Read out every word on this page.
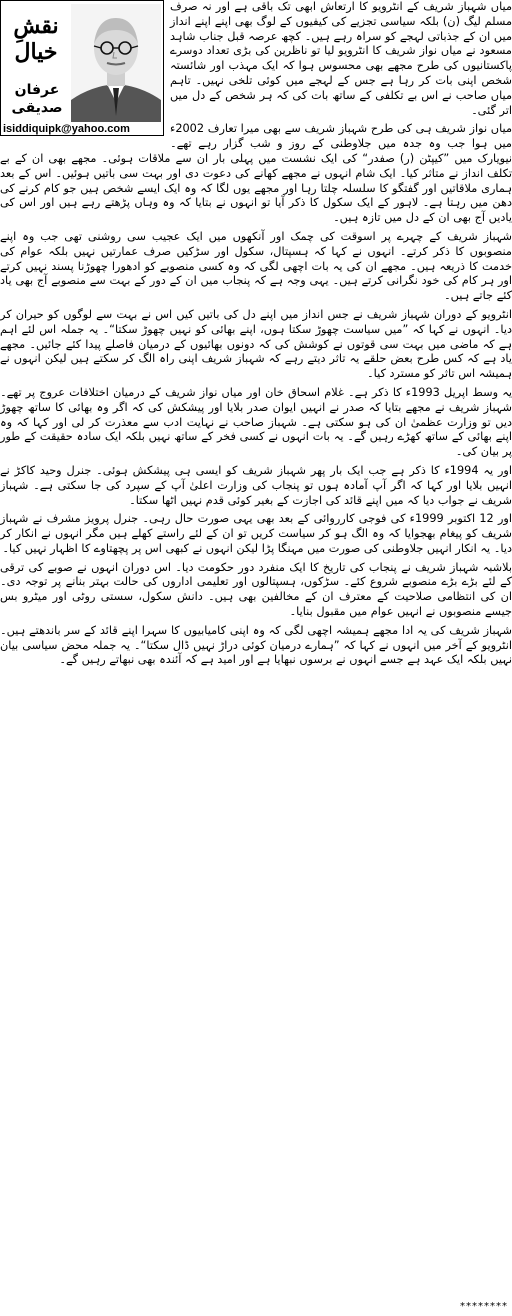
میاں شہباز شریف کے انٹرویو کا ارتعاش ابھی تک باقی ہے اور نہ صرف مسلم لیگ (ن) بلکہ سیاسی تجزیے کی کیفیوں کے لوگ بھی اپنے اپنے انداز میں ان کے جذباتی لہجے کو سراہ رہے ہیں۔ کچھ عرصہ قبل جناب شاہد مسعود نے میاں نواز شریف کا انٹرویو لیا تو ناظرین کی بڑی تعداد دوسرے پاکستانیوں کی طرح مجھے بھی محسوس ہوا کہ ایک مہذب اور شائستہ شخص اپنی بات کر رہا ہے جس کے لہجے میں کوئی تلخی نہیں۔ تاہم میاں صاحب نے اس بے تکلفی کے ساتھ بات کی کہ ہر شخص کے دل میں اتر گئی۔

میاں نواز شریف ہی کی طرح شہباز شریف سے بھی میرا تعارف 2002ء میں ہوا جب وہ جدہ میں جلاوطنی کے روز و شب گزار رہے تھے۔ نیویارک میں ”کیپٹن (ر) صفدر“ کی ایک نشست میں پہلی بار ان سے ملاقات ہوئی۔ مجھے بھی ان کے بے تکلف انداز نے متاثر کیا۔ ایک شام انہوں نے مجھے کھانے کی دعوت دی اور بہت سی باتیں ہوئیں۔ اس کے بعد ہماری ملاقاتیں اور گفتگو کا سلسلہ چلتا رہا اور مجھے یوں لگا کہ وہ ایک ایسے شخص ہیں جو کام کرنے کی دھن میں رہتا ہے۔ لاہور کے ایک سکول کا ذکر آیا تو انہوں نے بتایا کہ وہ وہاں پڑھتے رہے ہیں اور اس کی یادیں آج بھی ان کے دل میں تازہ ہیں۔

شہباز شریف کے چہرے پر اسوقت کی چمک اور آنکھوں میں ایک عجیب سی روشنی تھی جب وہ اپنے منصوبوں کا ذکر کرتے۔ انہوں نے کہا کہ ہسپتال، سکول اور سڑکیں صرف عمارتیں نہیں بلکہ عوام کی خدمت کا ذریعہ ہیں۔ مجھے ان کی یہ بات اچھی لگی کہ وہ کسی منصوبے کو ادھورا چھوڑنا پسند نہیں کرتے اور ہر کام کی خود نگرانی کرتے ہیں۔ یہی وجہ ہے کہ پنجاب میں ان کے دور کے بہت سے منصوبے آج بھی یاد کئے جاتے ہیں۔

انٹرویو کے دوران شہباز شریف نے جس انداز میں اپنے دل کی باتیں کیں اس نے بہت سے لوگوں کو حیران کر دیا۔ انہوں نے کہا کہ ”میں سیاست چھوڑ سکتا ہوں، اپنے بھائی کو نہیں چھوڑ سکتا“۔ یہ جملہ اس لئے اہم ہے کہ ماضی میں بہت سی قوتوں نے کوشش کی کہ دونوں بھائیوں کے درمیان فاصلے پیدا کئے جائیں۔ مجھے یاد ہے کہ کس طرح بعض حلقے یہ تاثر دیتے رہے کہ شہباز شریف اپنی راہ الگ کر سکتے ہیں لیکن انہوں نے ہمیشہ اس تاثر کو مسترد کیا۔

یہ وسط اپریل 1993ء کا ذکر ہے۔ غلام اسحاق خان اور میاں نواز شریف کے درمیان اختلافات عروج پر تھے۔ شہباز شریف نے مجھے بتایا کہ صدر نے انہیں ایوان صدر بلایا اور پیشکش کی کہ اگر وہ بھائی کا ساتھ چھوڑ دیں تو وزارت عظمیٰ ان کی ہو سکتی ہے۔ شہباز صاحب نے نہایت ادب سے معذرت کر لی اور کہا کہ وہ اپنے بھائی کے ساتھ کھڑے رہیں گے۔ یہ بات انہوں نے کسی فخر کے ساتھ نہیں بلکہ ایک سادہ حقیقت کے طور پر بیان کی۔

اور یہ 1994ء کا ذکر ہے جب ایک بار پھر شہباز شریف کو ایسی ہی پیشکش ہوئی۔ جنرل وحید کاکڑ نے انہیں بلایا اور کہا کہ اگر آپ آمادہ ہوں تو پنجاب کی وزارت اعلیٰ آپ کے سپرد کی جا سکتی ہے۔ شہباز شریف نے جواب دیا کہ میں اپنے قائد کی اجازت کے بغیر کوئی قدم نہیں اٹھا سکتا۔

اور 12 اکتوبر 1999ء کی فوجی کارروائی کے بعد بھی یہی صورت حال رہی۔ جنرل پرویز مشرف نے شہباز شریف کو پیغام بھجوایا کہ وہ الگ ہو کر سیاست کریں تو ان کے لئے راستے کھلے ہیں مگر انہوں نے انکار کر دیا۔ یہ انکار انہیں جلاوطنی کی صورت میں مہنگا پڑا لیکن انہوں نے کبھی اس پر پچھتاوے کا اظہار نہیں کیا۔

بلاشبہ شہباز شریف نے پنجاب کی تاریخ کا ایک منفرد دور حکومت دیا۔ اس دوران انہوں نے صوبے کی ترقی کے لئے بڑے بڑے منصوبے شروع کئے۔ سڑکوں، ہسپتالوں اور تعلیمی اداروں کی حالت بہتر بنانے پر توجہ دی۔ ان کی انتظامی صلاحیت کے معترف ان کے مخالفین بھی ہیں۔ دانش سکول، سستی روٹی اور میٹرو بس جیسے منصوبوں نے انہیں عوام میں مقبول بنایا۔

شہباز شریف کی یہ ادا مجھے ہمیشہ اچھی لگی کہ وہ اپنی کامیابیوں کا سہرا اپنے قائد کے سر باندھتے ہیں۔ انٹرویو کے آخر میں انہوں نے کہا کہ ”ہمارے درمیان کوئی دراڑ نہیں ڈال سکتا“۔ یہ جملہ محض سیاسی بیان نہیں بلکہ ایک عہد ہے جسے انہوں نے برسوں نبھایا ہے اور امید ہے کہ آئندہ بھی نبھاتے رہیں گے۔

نقشِ خیال
عرفان صدیقی
isiddiquipk@yahoo.com
********
